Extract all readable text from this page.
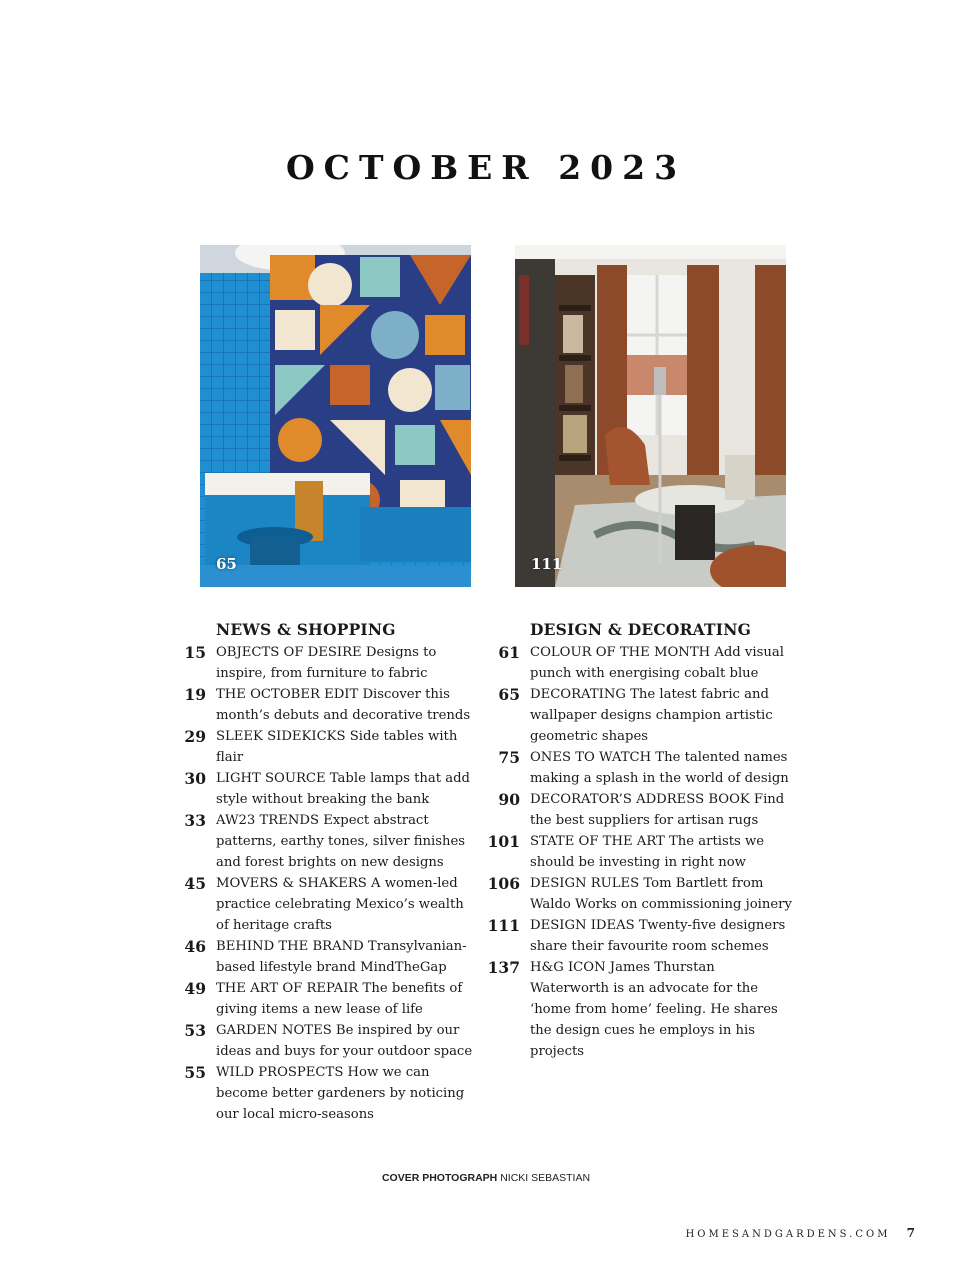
OCTOBER 2023
65	111
NEWS & SHOPPING
15 OBJECTS OF DESIRE Designs to inspire, from furniture to fabric
19 THE OCTOBER EDIT Discover this month’s debuts and decorative trends
29 SLEEK SIDEKICKS Side tables with flair
30 LIGHT SOURCE Table lamps that add style without breaking the bank
33 AW23 TRENDS Expect abstract patterns, earthy tones, silver finishes and forest brights on new designs
45 MOVERS & SHAKERS A women-led practice celebrating Mexico’s wealth of heritage crafts
46 BEHIND THE BRAND Transylvanian-based lifestyle brand MindTheGap
49 THE ART OF REPAIR The benefits of giving items a new lease of life
53 GARDEN NOTES Be inspired by our ideas and buys for your outdoor space
55 WILD PROSPECTS How we can become better gardeners by noticing our local micro-seasons
DESIGN & DECORATING
61 COLOUR OF THE MONTH Add visual punch with energising cobalt blue
65 DECORATING The latest fabric and wallpaper designs champion artistic geometric shapes
75 ONES TO WATCH The talented names making a splash in the world of design
90 DECORATOR’S ADDRESS BOOK Find the best suppliers for artisan rugs
101 STATE OF THE ART The artists we should be investing in right now
106 DESIGN RULES Tom Bartlett from Waldo Works on commissioning joinery
111 DESIGN IDEAS Twenty-five designers share their favourite room schemes
137 H&G ICON James Thurstan Waterworth is an advocate for the ‘home from home’ feeling. He shares the design cues he employs in his projects
COVER PHOTOGRAPH NICKI SEBASTIAN
HOMESANDGARDENS.COM 7
